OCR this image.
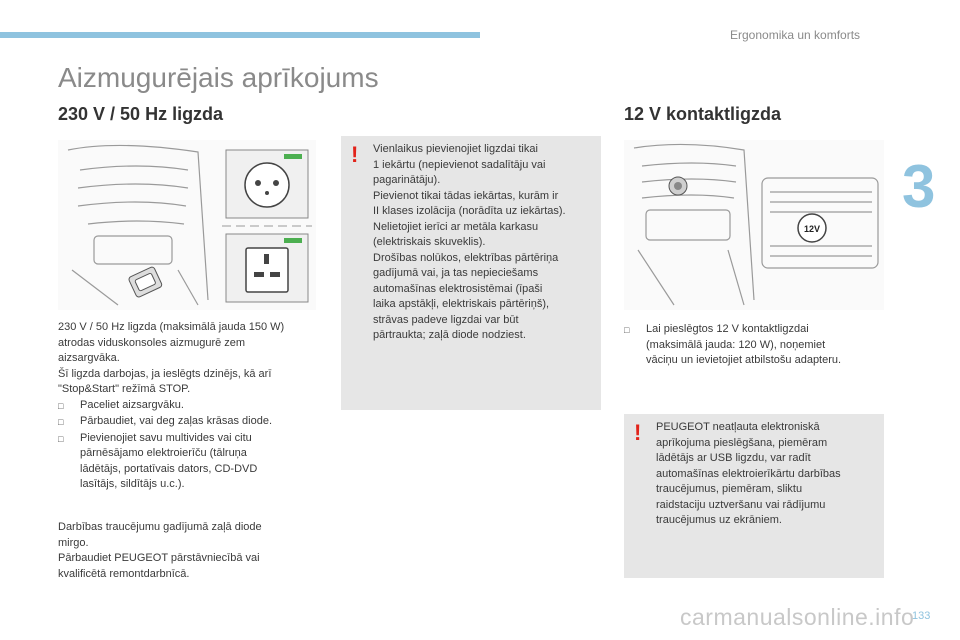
Ergonomika un komforts
3
Aizmugurējais aprīkojums
230 V / 50 Hz ligzda
230 V / 50 Hz ligzda (maksimālā jauda 150 W)
atrodas viduskonsoles aizmugurē zem
aizsargvāka.
Šī ligzda darbojas, ja ieslēgts dzinējs, kā arī
"Stop&Start" režīmā STOP.
□	Paceliet aizsargvāku.
□	Pārbaudiet, vai deg zaļas krāsas diode.
□	Pievienojiet savu multivides vai citu
pārnēsājamo elektroierīču (tālruņa
lādētājs, portatīvais dators, CD-DVD
lasītājs, sildītājs u.c.).
Darbības traucējumu gadījumā zaļā diode
mirgo.
Pārbaudiet PEUGEOT pārstāvniecībā vai
kvalificētā remontdarbnīcā.
! Vienlaikus pievienojiet ligzdai tikai
1 iekārtu (nepievienot sadalītāju vai
pagarinātāju).
Pievienot tikai tādas iekārtas, kurām ir
II klases izolācija (norādīta uz iekārtas).
Nelietojiet ierīci ar metāla karkasu
(elektriskais skuveklis).
Drošības nolūkos, elektrības pārtēriņa
gadījumā vai, ja tas nepieciešams
automašīnas elektrosistēmai (īpaši
laika apstākļi, elektriskais pārtēriņš),
strāvas padeve ligzdai var būt
pārtraukta; zaļā diode nodziest.
12 V kontaktligzda
12V
□	Lai pieslēgtos 12 V kontaktligzdai
(maksimālā jauda: 120 W), noņemiet
vāciņu un ievietojiet atbilstošu adapteru.
! PEUGEOT neatļauta elektroniskā
aprīkojuma pieslēgšana, piemēram
lādētājs ar USB ligzdu, var radīt
automašīnas elektroierīkārtu darbības
traucējumus, piemēram, sliktu
raidstaciju uztveršanu vai rādījumu
traucējumus uz ekrāniem.
carmanualsonline.info
133
